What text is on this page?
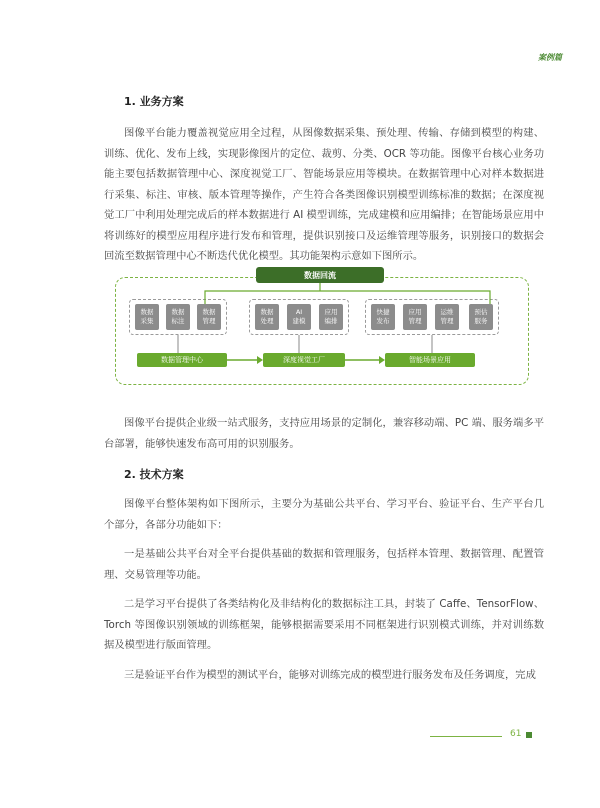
案例篇
1. 业务方案

图像平台能力覆盖视觉应用全过程，从图像数据采集、预处理、传输、存储到模型的构建、训练、优化、发布上线，实现影像图片的定位、裁剪、分类、OCR 等功能。图像平台核心业务功能主要包括数据管理中心、深度视觉工厂、智能场景应用等模块。在数据管理中心对样本数据进行采集、标注、审核、版本管理等操作，产生符合各类图像识别模型训练标准的数据；在深度视觉工厂中利用处理完成后的样本数据进行 AI 模型训练，完成建模和应用编排；在智能场景应用中将训练好的模型应用程序进行发布和管理，提供识别接口及运维管理等服务，识别接口的数据会回流至数据管理中心不断迭代优化模型。其功能架构示意如下图所示。

数据回流
数据
采集
数据
标注
数据
管理
数据
处理
AI
建模
应用
编排
快捷
发布
应用
管理
运维
管理
预估
服务
数据管理中心	深度视觉工厂	智能场景应用

图像平台提供企业级一站式服务，支持应用场景的定制化，兼容移动端、PC 端、服务端多平台部署，能够快速发布高可用的识别服务。

2. 技术方案

图像平台整体架构如下图所示，主要分为基础公共平台、学习平台、验证平台、生产平台几个部分，各部分功能如下：

一是基础公共平台对全平台提供基础的数据和管理服务，包括样本管理、数据管理、配置管理、交易管理等功能。

二是学习平台提供了各类结构化及非结构化的数据标注工具，封装了 Caffe、TensorFlow、Torch 等图像识别领域的训练框架，能够根据需要采用不同框架进行识别模式训练，并对训练数据及模型进行版面管理。

三是验证平台作为模型的测试平台，能够对训练完成的模型进行服务发布及任务调度，完成

61
